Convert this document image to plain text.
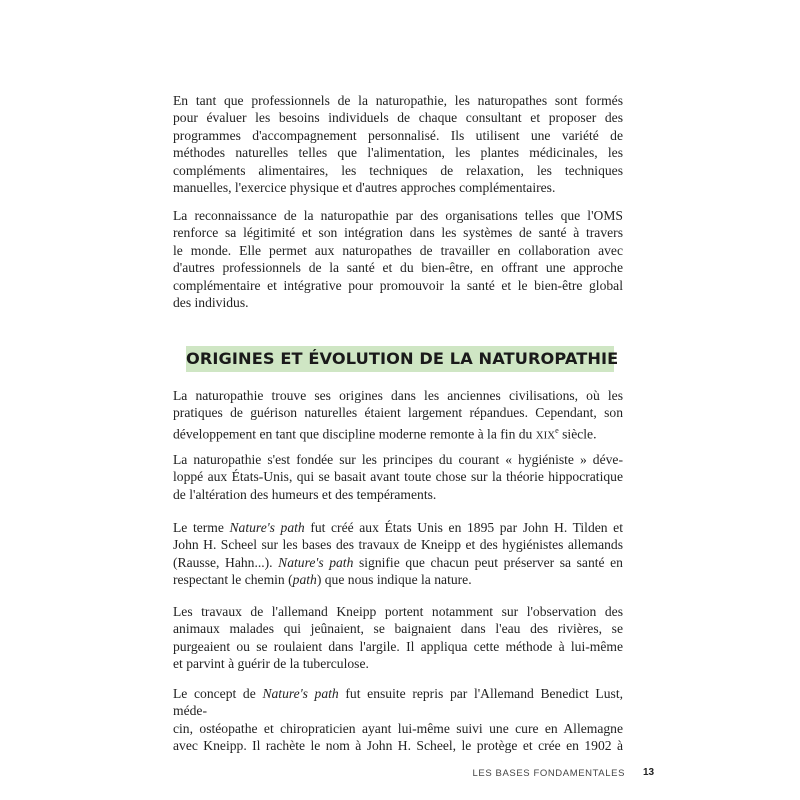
En tant que professionnels de la naturopathie, les naturopathes sont formés
pour évaluer les besoins individuels de chaque consultant et proposer des
programmes d'accompagnement personnalisé. Ils utilisent une variété de
méthodes naturelles telles que l'alimentation, les plantes médicinales, les
compléments alimentaires, les techniques de relaxation, les techniques
manuelles, l'exercice physique et d'autres approches complémentaires.

La reconnaissance de la naturopathie par des organisations telles que l'OMS
renforce sa légitimité et son intégration dans les systèmes de santé à travers
le monde. Elle permet aux naturopathes de travailler en collaboration avec
d'autres professionnels de la santé et du bien-être, en offrant une approche
complémentaire et intégrative pour promouvoir la santé et le bien-être global
des individus.

ORIGINES ET ÉVOLUTION DE LA NATUROPATHIE

La naturopathie trouve ses origines dans les anciennes civilisations, où les
pratiques de guérison naturelles étaient largement répandues. Cependant, son
développement en tant que discipline moderne remonte à la fin du XIXe siècle.

La naturopathie s'est fondée sur les principes du courant « hygiéniste » déve-
loppé aux États-Unis, qui se basait avant toute chose sur la théorie hippocratique
de l'altération des humeurs et des tempéraments.

Le terme Nature's path fut créé aux États Unis en 1895 par John H. Tilden et
John H. Scheel sur les bases des travaux de Kneipp et des hygiénistes allemands
(Rausse, Hahn...). Nature's path signifie que chacun peut préserver sa santé en
respectant le chemin (path) que nous indique la nature.

Les travaux de l'allemand Kneipp portent notamment sur l'observation des
animaux malades qui jeûnaient, se baignaient dans l'eau des rivières, se
purgeaient ou se roulaient dans l'argile. Il appliqua cette méthode à lui-même
et parvint à guérir de la tuberculose.

Le concept de Nature's path fut ensuite repris par l'Allemand Benedict Lust, méde-
cin, ostéopathe et chiropraticien ayant lui-même suivi une cure en Allemagne
avec Kneipp. Il rachète le nom à John H. Scheel, le protège et crée en 1902 à

LES BASES FONDAMENTALES 13
